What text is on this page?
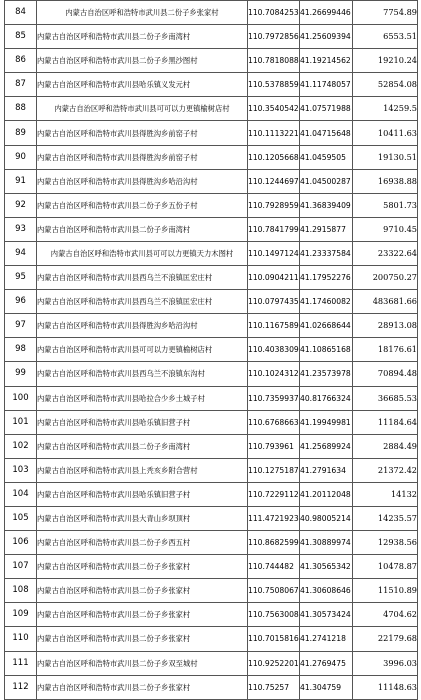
84	内蒙古自治区呼和浩特市武川县二份子乡张家村	110.7084253	41.26699446	7754.89
85	内蒙古自治区呼和浩特市武川县二份子乡南湾村	110.7972856	41.25609394	6553.51
86	内蒙古自治区呼和浩特市武川县二份子乡黑沙图村	110.7818088	41.19214562	19210.24
87	内蒙古自治区呼和浩特市武川县哈乐镇义发元村	110.5378859	41.11748057	52854.08
88	内蒙古自治区呼和浩特市武川县可可以力更镇榆树店村	110.3540542	41.07571988	14259.5
89	内蒙古自治区呼和浩特市武川县得胜沟乡前窑子村	110.1113221	41.04715648	10411.63
90	内蒙古自治区呼和浩特市武川县得胜沟乡前窑子村	110.1205668	41.0459505	19130.51
91	内蒙古自治区呼和浩特市武川县得胜沟乡哈沿沟村	110.1244697	41.04500287	16938.88
92	内蒙古自治区呼和浩特市武川县二份子乡五份子村	110.7928959	41.36839409	5801.73
93	内蒙古自治区呼和浩特市武川县二份子乡南湾村	110.7841799	41.2915877	9710.45
94	内蒙古自治区呼和浩特市武川县可可以力更镇天力木图村	110.1497124	41.23337584	23322.64
95	内蒙古自治区呼和浩特市武川县西乌兰不浪镇匡宏庄村	110.0904211	41.17952276	200750.27
96	内蒙古自治区呼和浩特市武川县西乌兰不浪镇匡宏庄村	110.0797435	41.17460082	483681.66
97	内蒙古自治区呼和浩特市武川县得胜沟乡哈沿沟村	110.1167589	41.02668644	28913.08
98	内蒙古自治区呼和浩特市武川县可可以力更镇榆树店村	110.4038309	41.10865168	18176.61
99	内蒙古自治区呼和浩特市武川县西乌兰不浪镇东沟村	110.1024312	41.23573978	70894.48
100	内蒙古自治区呼和浩特市武川县哈拉合少乡土城子村	110.7359937	40.81766324	36685.53
101	内蒙古自治区呼和浩特市武川县哈乐镇旧营子村	110.6768663	41.19949981	11184.64
102	内蒙古自治区呼和浩特市武川县二份子乡南湾村	110.793961	41.25689924	2884.49
103	内蒙古自治区呼和浩特市武川县上秃亥乡附合营村	110.1275187	41.2791634	21372.42
104	内蒙古自治区呼和浩特市武川县哈乐镇旧营子村	110.7229112	41.20112048	14132
105	内蒙古自治区呼和浩特市武川县大青山乡坝顶村	111.4721923	40.98005214	14235.57
106	内蒙古自治区呼和浩特市武川县二份子乡西五村	110.8682599	41.30889974	12938.56
107	内蒙古自治区呼和浩特市武川县二份子乡张家村	110.744482	41.30565342	10478.87
108	内蒙古自治区呼和浩特市武川县二份子乡张家村	110.7508067	41.30608646	11510.89
109	内蒙古自治区呼和浩特市武川县二份子乡张家村	110.7563008	41.30573424	4704.62
110	内蒙古自治区呼和浩特市武川县二份子乡张家村	110.7015816	41.2741218	22179.68
111	内蒙古自治区呼和浩特市武川县二份子乡双至城村	110.9252201	41.2769475	3996.03
112	内蒙古自治区呼和浩特市武川县二份子乡张家村	110.75257	41.304759	11148.63
